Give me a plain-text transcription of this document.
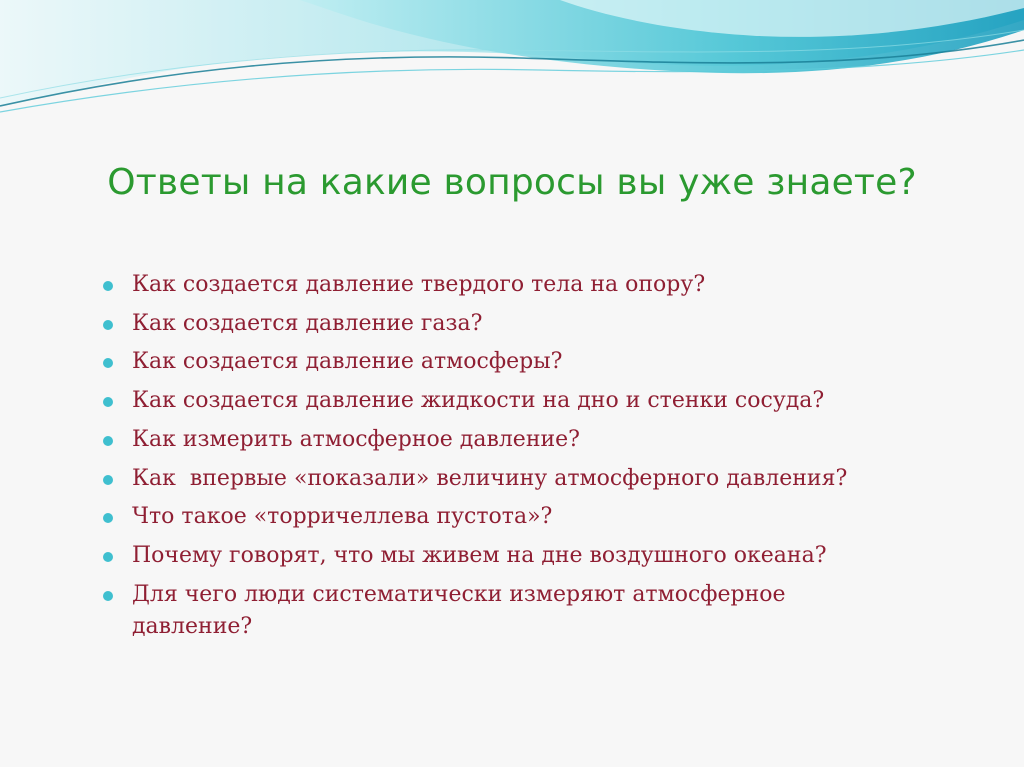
Ответы на какие вопросы вы уже знаете?
Как создается давление твердого тела на опору?
Как создается давление газа?
Как создается давление атмосферы?
Как создается давление жидкости на дно и стенки сосуда?
Как измерить атмосферное давление?
Как  впервые «показали» величину атмосферного давления?
Что такое «торричеллева пустота»?
Почему говорят, что мы живем на дне воздушного океана?
Для чего люди систематически измеряют атмосферное давление?
